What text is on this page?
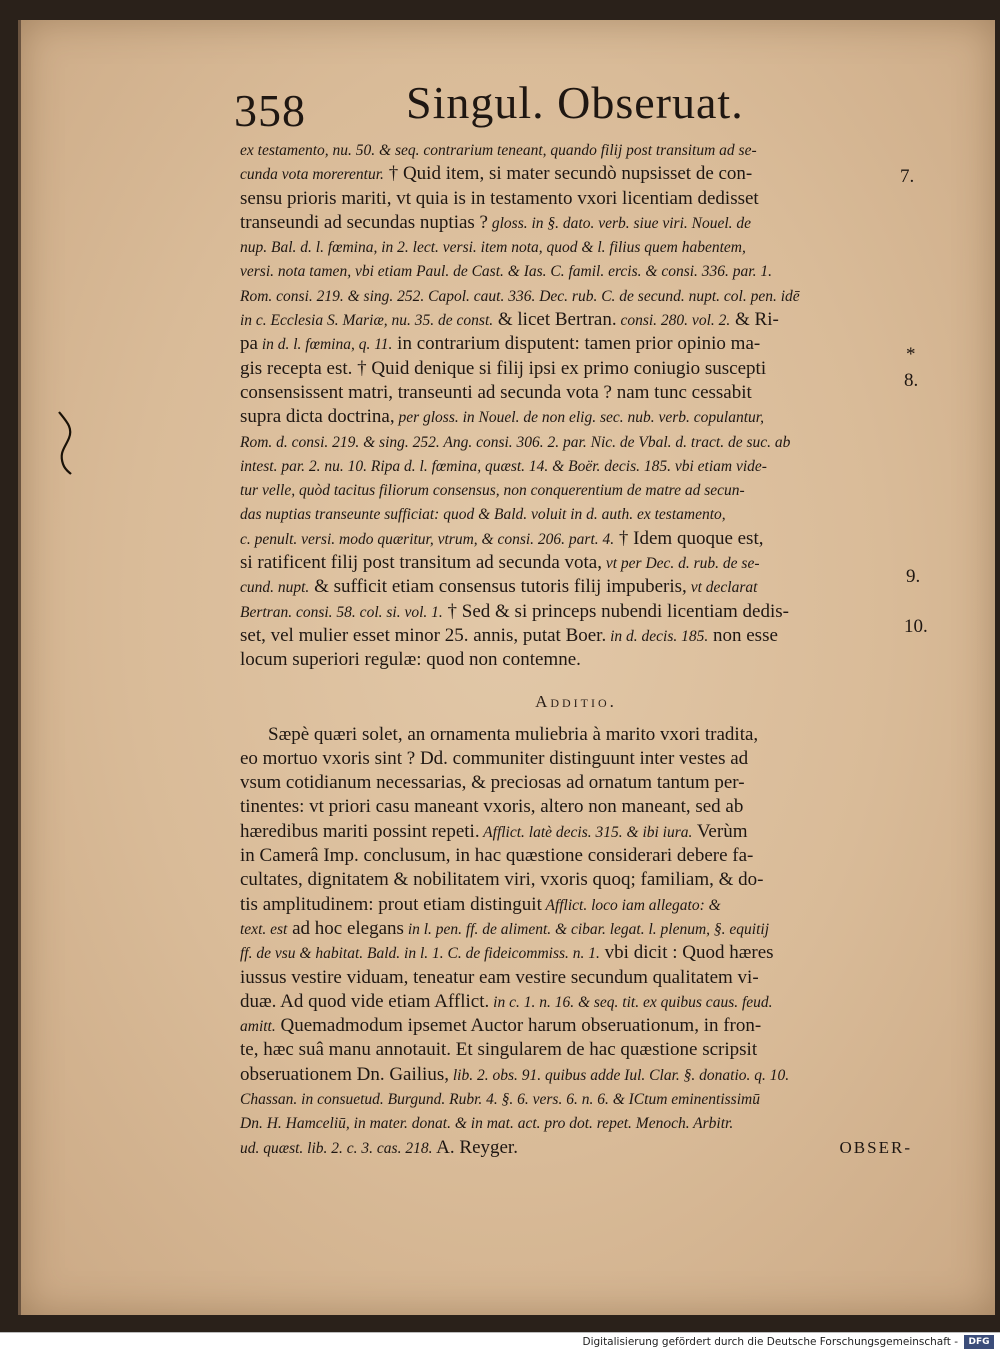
358 Singul. Obseruat.
7.
*
8.
9.
10.
ex testamento, nu. 50. & seq. contrarium teneant, quando filij post transitum ad se-
cunda vota morerentur. † Quid item, si mater secundò nupsisset de con-
sensu prioris mariti, vt quia is in testamento vxori licentiam dedisset
transeundi ad secundas nuptias ? gloss. in §. dato. verb. siue viri. Nouel. de
nup. Bal. d. l. fœmina, in 2. lect. versi. item nota, quod & l. filius quem habentem,
versi. nota tamen, vbi etiam Paul. de Cast. & Ias. C. famil. ercis. & consi. 336. par. 1.
Rom. consi. 219. & sing. 252. Capol. caut. 336. Dec. rub. C. de secund. nupt. col. pen. idē
in c. Ecclesia S. Mariæ, nu. 35. de const. & licet Bertran. consi. 280. vol. 2. & Ri-
pa in d. l. fœmina, q. 11. in contrarium disputent: tamen prior opinio ma-
gis recepta est. † Quid denique si filij ipsi ex primo coniugio suscepti
consensissent matri, transeunti ad secunda vota ? nam tunc cessabit
supra dicta doctrina, per gloss. in Nouel. de non elig. sec. nub. verb. copulantur,
Rom. d. consi. 219. & sing. 252. Ang. consi. 306. 2. par. Nic. de Vbal. d. tract. de suc. ab
intest. par. 2. nu. 10. Ripa d. l. fœmina, quæst. 14. & Boër. decis. 185. vbi etiam vide-
tur velle, quòd tacitus filiorum consensus, non conquerentium de matre ad secun-
das nuptias transeunte sufficiat: quod & Bald. voluit in d. auth. ex testamento,
c. penult. versi. modo quæritur, vtrum, & consi. 206. part. 4. † Idem quoque est,
si ratificent filij post transitum ad secunda vota, vt per Dec. d. rub. de se-
cund. nupt. & sufficit etiam consensus tutoris filij impuberis, vt declarat
Bertran. consi. 58. col. si. vol. 1. † Sed & si princeps nubendi licentiam dedis-
set, vel mulier esset minor 25. annis, putat Boer. in d. decis. 185. non esse
locum superiori regulæ: quod non contemne.
Additio.
Sæpè quæri solet, an ornamenta muliebria à marito vxori tradita,
eo mortuo vxoris sint ? Dd. communiter distinguunt inter vestes ad
vsum cotidianum necessarias, & preciosas ad ornatum tantum per-
tinentes: vt priori casu maneant vxoris, altero non maneant, sed ab
hæredibus mariti possint repeti. Afflict. latè decis. 315. & ibi iura. Verùm
in Camerâ Imp. conclusum, in hac quæstione considerari debere fa-
cultates, dignitatem & nobilitatem viri, vxoris quoq; familiam, & do-
tis amplitudinem: prout etiam distinguit Afflict. loco iam allegato: &
text. est ad hoc elegans in l. pen. ff. de aliment. & cibar. legat. l. plenum, §. equitij
ff. de vsu & habitat. Bald. in l. 1. C. de fideicommiss. n. 1. vbi dicit : Quod hæres
iussus vestire viduam, teneatur eam vestire secundum qualitatem vi-
duæ. Ad quod vide etiam Afflict. in c. 1. n. 16. & seq. tit. ex quibus caus. feud.
amitt. Quemadmodum ipsemet Auctor harum obseruationum, in fron-
te, hæc suâ manu annotauit. Et singularem de hac quæstione scripsit
obseruationem Dn. Gailius, lib. 2. obs. 91. quibus adde Iul. Clar. §. donatio. q. 10.
Chassan. in consuetud. Burgund. Rubr. 4. §. 6. vers. 6. n. 6. & ICtum eminentissimū
Dn. H. Hamceliū, in mater. donat. & in mat. act. pro dot. repet. Menoch. Arbitr.
ud. quæst. lib. 2. c. 3. cas. 218. A. Reyger.	OBSER-
Digitalisierung gefördert durch die Deutsche Forschungsgemeinschaft -	DFG
